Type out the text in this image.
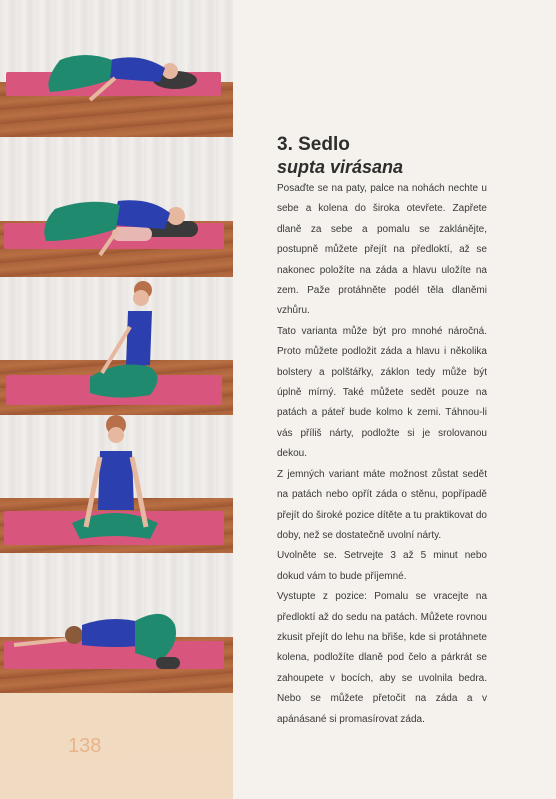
3. Sedlo
supta virásana

Posaďte se na paty, palce na nohách nechte u sebe a kolena do široka otevřete. Zapřete dlaně za sebe a pomalu se zaklánějte, postupně můžete přejít na předloktí, až se nakonec položíte na záda a hlavu uložíte na zem. Paže protáhněte podél těla dlaněmi vzhůru.

Tato varianta může být pro mnohé náročná. Proto můžete podložit záda a hlavu i několika bolstery a polštářky, záklon tedy může být úplně mírný. Také můžete sedět pouze na patách a páteř bude kolmo k zemi. Táhnou-li vás příliš nárty, podložte si je srolovanou dekou.

Z jemných variant máte možnost zůstat sedět na patách nebo opřít záda o stěnu, popřípadě přejít do široké pozice dítěte a tu praktikovat do doby, než se dostatečně uvolní nárty.

Uvolněte se. Setrvejte 3 až 5 minut nebo dokud vám to bude příjemné.

Vystupte z pozice: Pomalu se vracejte na předloktí až do sedu na patách. Můžete rovnou zkusit přejít do lehu na břiše, kde si protáhnete kolena, podložíte dlaně pod čelo a párkrát se zahoupete v bocích, aby se uvolnila bedra. Nebo se můžete přetočit na záda a v apánásané si promasírovat záda.

138
